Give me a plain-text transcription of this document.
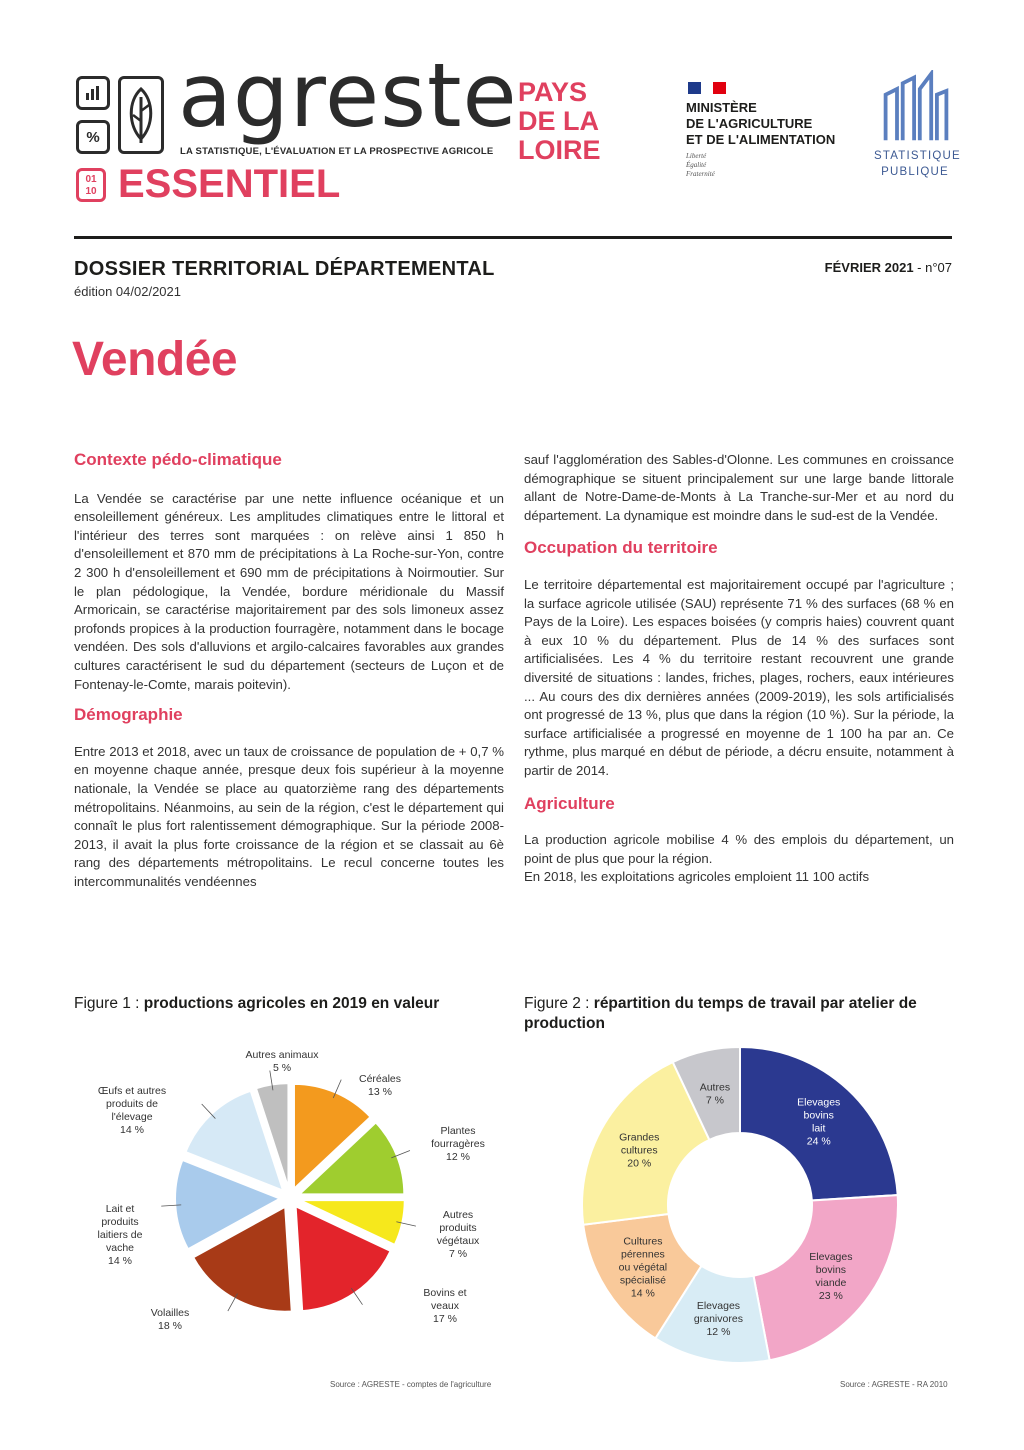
% agreste
LA STATISTIQUE, L'ÉVALUATION ET LA PROSPECTIVE AGRICOLE
01
10 ESSENTIEL
PAYS
DE LA
LOIRE
MINISTÈRE
DE L'AGRICULTURE
ET DE L'ALIMENTATION
Liberté
Égalité
Fraternité
STATISTIQUE
PUBLIQUE
DOSSIER TERRITORIAL DÉPARTEMENTAL
édition 04/02/2021
FÉVRIER 2021 - n°07
Vendée
Contexte pédo-climatique

La Vendée se caractérise par une nette influence océanique et un ensoleillement généreux. Les amplitudes climatiques entre le littoral et l'intérieur des terres sont marquées : on relève ainsi 1 850 h d'ensoleillement et 870 mm de précipitations à La Roche-sur-Yon, contre 2 300 h d'ensoleillement et 690 mm de précipitations à Noirmoutier. Sur le plan pédologique, la Vendée, bordure méridionale du Massif Armoricain, se caractérise majoritairement par des sols limoneux assez profonds propices à la production fourragère, notamment dans le bocage vendéen. Des sols d'alluvions et argilo-calcaires favorables aux grandes cultures caractérisent le sud du département (secteurs de Luçon et de Fontenay-le-Comte, marais poitevin).

Démographie

Entre 2013 et 2018, avec un taux de croissance de population de + 0,7 % en moyenne chaque année, presque deux fois supérieur à la moyenne nationale, la Vendée se place au quatorzième rang des départements métropolitains. Néanmoins, au sein de la région, c'est le département qui connaît le plus fort ralentissement démographique. Sur la période 2008-2013, il avait la plus forte croissance de la région et se classait au 6è rang des départements métropolitains. Le recul concerne toutes les intercommunalités vendéennes

sauf l'agglomération des Sables-d'Olonne. Les communes en croissance démographique se situent principalement sur une large bande littorale allant de Notre-Dame-de-Monts à La Tranche-sur-Mer et au nord du département. La dynamique est moindre dans le sud-est de la Vendée.

Occupation du territoire

Le territoire départemental est majoritairement occupé par l'agriculture ; la surface agricole utilisée (SAU) représente 71 % des surfaces (68 % en Pays de la Loire). Les espaces boisées (y compris haies) couvrent quant à eux 10 % du département. Plus de 14 % des surfaces sont artificialisées. Les 4 % du territoire restant recouvrent une grande diversité de situations : landes, friches, plages, rochers, eaux intérieures ... Au cours des dix dernières années (2009-2019), les sols artificialisés ont progressé de 13 %, plus que dans la région (10 %). Sur la période, la surface artificialisée a progressé en moyenne de 1 100 ha par an. Ce rythme, plus marqué en début de période, a décru ensuite, notamment à partir de 2014.

Agriculture

La production agricole mobilise 4 % des emplois du département, un point de plus que pour la région.

En 2018, les exploitations agricoles emploient 11 100 actifs

Figure 1 : productions agricoles en 2019 en valeur
Céréales 13 %
Plantes fourragères 12 %
Autres produits végétaux 7 %
Bovins et veaux 17 %
Volailles 18 %
Lait et produits laitiers de vache 14 %
Œufs et autres produits de l'élevage 14 %
Autres animaux 5 %
Source : AGRESTE - comptes de l'agriculture
Figure 2 : répartition du temps de travail par atelier de production
Elevages bovins lait 24 %
Elevages bovins viande 23 %
Elevages granivores 12 %
Cultures pérennes ou végétal spécialisé 14 %
Grandes cultures 20 %
Autres 7 %
Source : AGRESTE - RA 2010
